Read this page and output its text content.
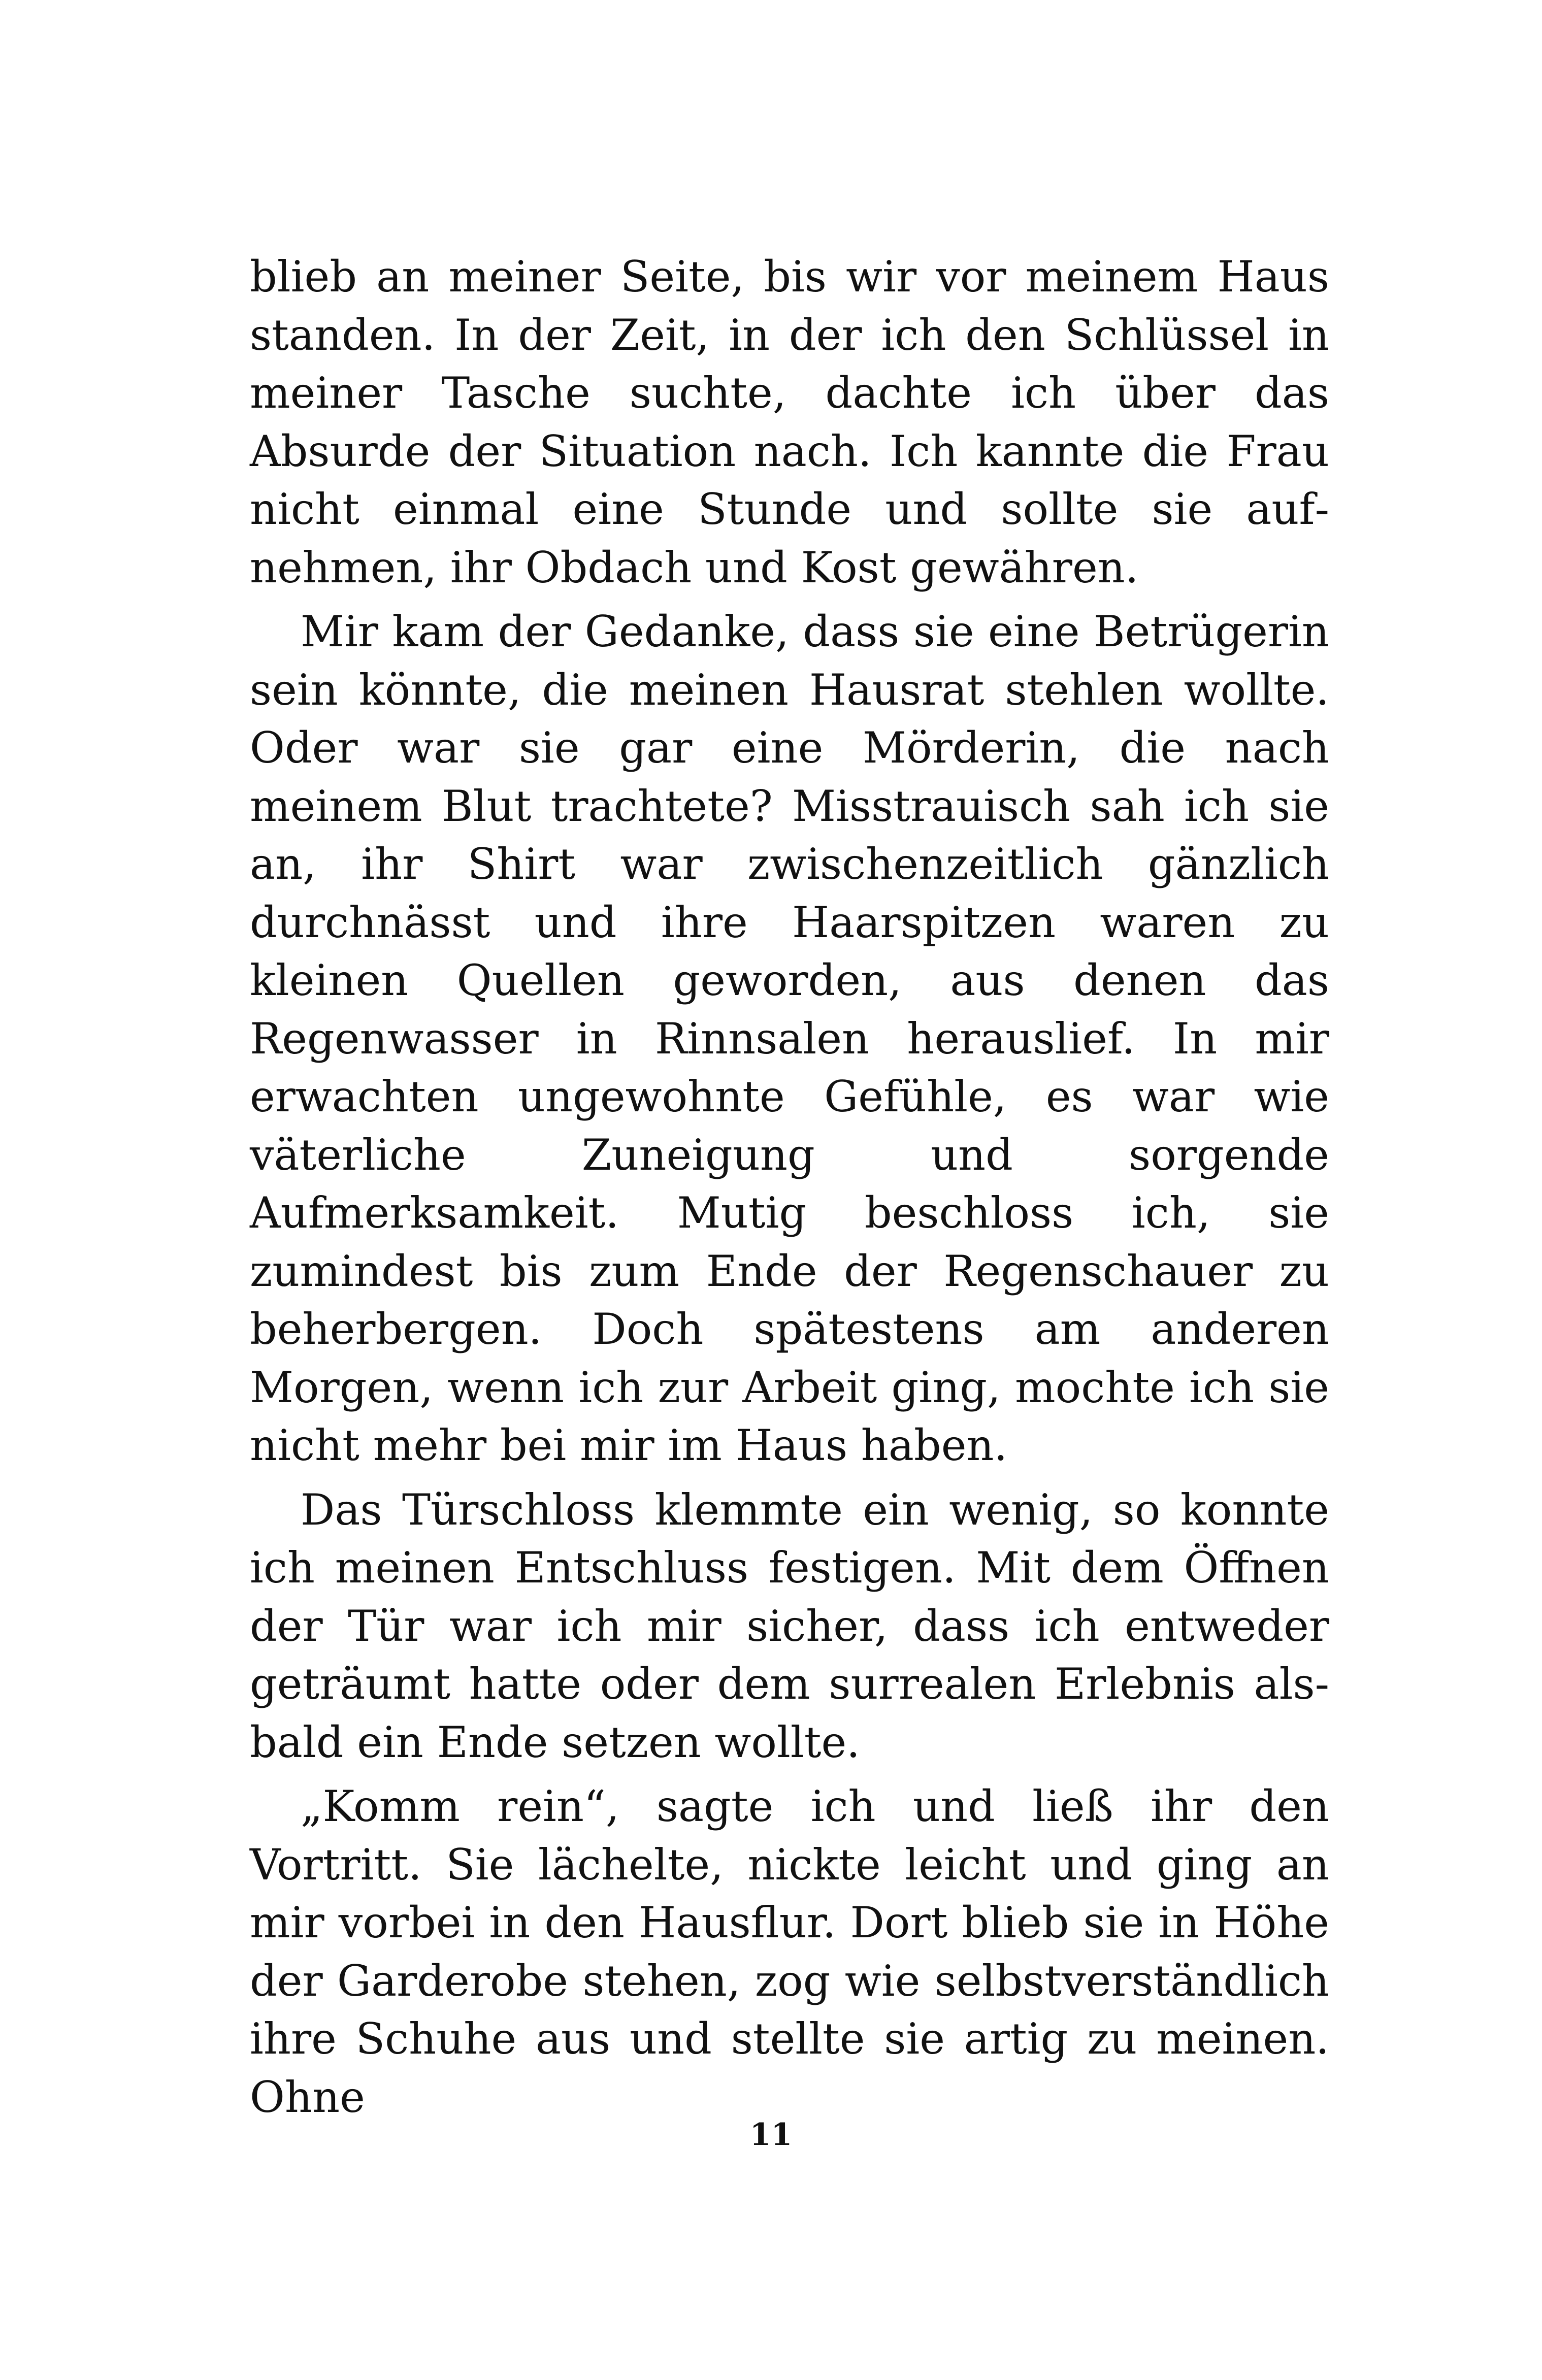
blieb an meiner Seite, bis wir vor meinem Haus standen. In der Zeit, in der ich den Schlüssel in meiner Tasche suchte, dachte ich über das Absurde der Situation nach. Ich kannte die Frau nicht einmal eine Stunde und sollte sie aufnehmen, ihr Obdach und Kost gewähren.

Mir kam der Gedanke, dass sie eine Betrügerin sein könnte, die meinen Hausrat stehlen wollte. Oder war sie gar eine Mörderin, die nach meinem Blut trachtete? Misstrauisch sah ich sie an, ihr Shirt war zwischenzeitlich gänzlich durchnässt und ihre Haarspitzen waren zu kleinen Quellen geworden, aus denen das Regenwasser in Rinnsalen herauslief. In mir erwachten ungewohnte Gefühle, es war wie väterliche Zuneigung und sorgende Aufmerksamkeit. Mutig beschloss ich, sie zumindest bis zum Ende der Regenschauer zu beherbergen. Doch spätestens am anderen Morgen, wenn ich zur Arbeit ging, mochte ich sie nicht mehr bei mir im Haus haben.

Das Türschloss klemmte ein wenig, so konnte ich meinen Entschluss festigen. Mit dem Öffnen der Tür war ich mir sicher, dass ich entweder geträumt hatte oder dem surrealen Erlebnis alsbald ein Ende setzen wollte.

„Komm rein“, sagte ich und ließ ihr den Vortritt. Sie lächelte, nickte leicht und ging an mir vorbei in den Hausflur. Dort blieb sie in Höhe der Garderobe stehen, zog wie selbstverständlich ihre Schuhe aus und stellte sie artig zu meinen. Ohne

11
